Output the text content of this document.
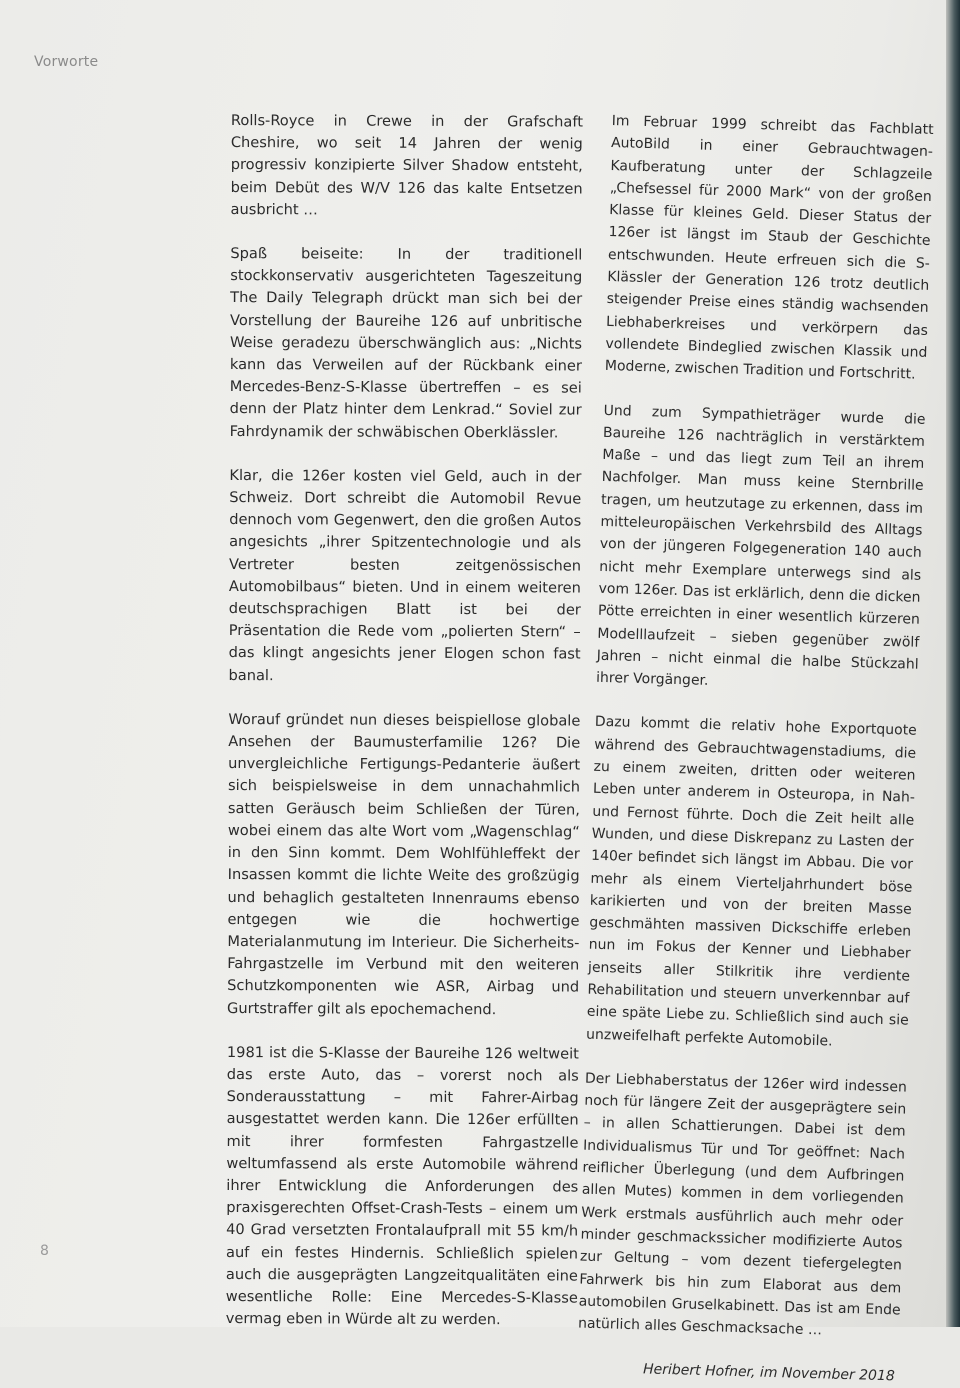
Vorworte

Rolls-Royce in Crewe in der Grafschaft Cheshire, wo seit 14 Jahren der wenig progressiv konzipierte Silver Shadow entsteht, beim Debüt des W/V 126 das kalte Entsetzen ausbricht …

Spaß beiseite: In der traditionell stockkonservativ ausgerichteten Tageszeitung The Daily Telegraph drückt man sich bei der Vorstellung der Baureihe 126 auf unbritische Weise geradezu überschwänglich aus: „Nichts kann das Verweilen auf der Rückbank einer Mercedes-Benz-S-Klasse übertreffen – es sei denn der Platz hinter dem Lenkrad.“ Soviel zur Fahrdynamik der schwäbischen Oberklässler.

Klar, die 126er kosten viel Geld, auch in der Schweiz. Dort schreibt die Automobil Revue dennoch vom Gegenwert, den die großen Autos angesichts „ihrer Spitzentechnologie und als Vertreter besten zeitgenössischen Automobilbaus“ bieten. Und in einem weiteren deutschsprachigen Blatt ist bei der Präsentation die Rede vom „polierten Stern“ – das klingt angesichts jener Elogen schon fast banal.

Worauf gründet nun dieses beispiellose globale Ansehen der Baumusterfamilie 126? Die unvergleichliche Fertigungs-Pedanterie äußert sich beispielsweise in dem unnachahmlich satten Geräusch beim Schließen der Türen, wobei einem das alte Wort vom „Wagenschlag“ in den Sinn kommt. Dem Wohlfühleffekt der Insassen kommt die lichte Weite des großzügig und behaglich gestalteten Innenraums ebenso entgegen wie die hochwertige Materialanmutung im Interieur. Die Sicherheits-Fahrgastzelle im Verbund mit den weiteren Schutzkomponenten wie ASR, Airbag und Gurtstraffer gilt als epochemachend.

1981 ist die S-Klasse der Baureihe 126 weltweit das erste Auto, das – vorerst noch als Sonderausstattung – mit Fahrer-Airbag ausgestattet werden kann. Die 126er erfüllten mit ihrer formfesten Fahrgastzelle weltumfassend als erste Automobile während ihrer Entwicklung die Anforderungen des praxisgerechten Offset-Crash-Tests – einem um 40 Grad versetzten Frontalaufprall mit 55 km/h auf ein festes Hindernis. Schließlich spielen auch die ausgeprägten Langzeitqualitäten eine wesentliche Rolle: Eine Mercedes-S-Klasse vermag eben in Würde alt zu werden.

Im Februar 1999 schreibt das Fachblatt AutoBild in einer Gebrauchtwagen-Kaufberatung unter der Schlagzeile „Chefsessel für 2000 Mark“ von der großen Klasse für kleines Geld. Dieser Status der 126er ist längst im Staub der Geschichte entschwunden. Heute erfreuen sich die S-Klässler der Generation 126 trotz deutlich steigender Preise eines ständig wachsenden Liebhaberkreises und verkörpern das vollendete Bindeglied zwischen Klassik und Moderne, zwischen Tradition und Fortschritt.

Und zum Sympathieträger wurde die Baureihe 126 nachträglich in verstärktem Maße – und das liegt zum Teil an ihrem Nachfolger. Man muss keine Sternbrille tragen, um heutzutage zu erkennen, dass im mitteleuropäischen Verkehrsbild des Alltags von der jüngeren Folgegeneration 140 auch nicht mehr Exemplare unterwegs sind als vom 126er. Das ist erklärlich, denn die dicken Pötte erreichten in einer wesentlich kürzeren Modelllaufzeit – sieben gegenüber zwölf Jahren – nicht einmal die halbe Stückzahl ihrer Vorgänger.

Dazu kommt die relativ hohe Exportquote während des Gebrauchtwagenstadiums, die zu einem zweiten, dritten oder weiteren Leben unter anderem in Osteuropa, in Nah- und Fernost führte. Doch die Zeit heilt alle Wunden, und diese Diskrepanz zu Lasten der 140er befindet sich längst im Abbau. Die vor mehr als einem Vierteljahrhundert böse karikierten und von der breiten Masse geschmähten massiven Dickschiffe erleben nun im Fokus der Kenner und Liebhaber jenseits aller Stilkritik ihre verdiente Rehabilitation und steuern unverkennbar auf eine späte Liebe zu. Schließlich sind auch sie unzweifelhaft perfekte Automobile.

Der Liebhaberstatus der 126er wird indessen noch für längere Zeit der ausgeprägtere sein – in allen Schattierungen. Dabei ist dem Individualismus Tür und Tor geöffnet: Nach reiflicher Überlegung (und dem Aufbringen allen Mutes) kommen in dem vorliegenden Werk erstmals ausführlich auch mehr oder minder geschmackssicher modifizierte Autos zur Geltung – vom dezent tiefergelegten Fahrwerk bis hin zum Elaborat aus dem automobilen Gruselkabinett. Das ist am Ende natürlich alles Geschmacksache …

Heribert Hofner, im November 2018
8
